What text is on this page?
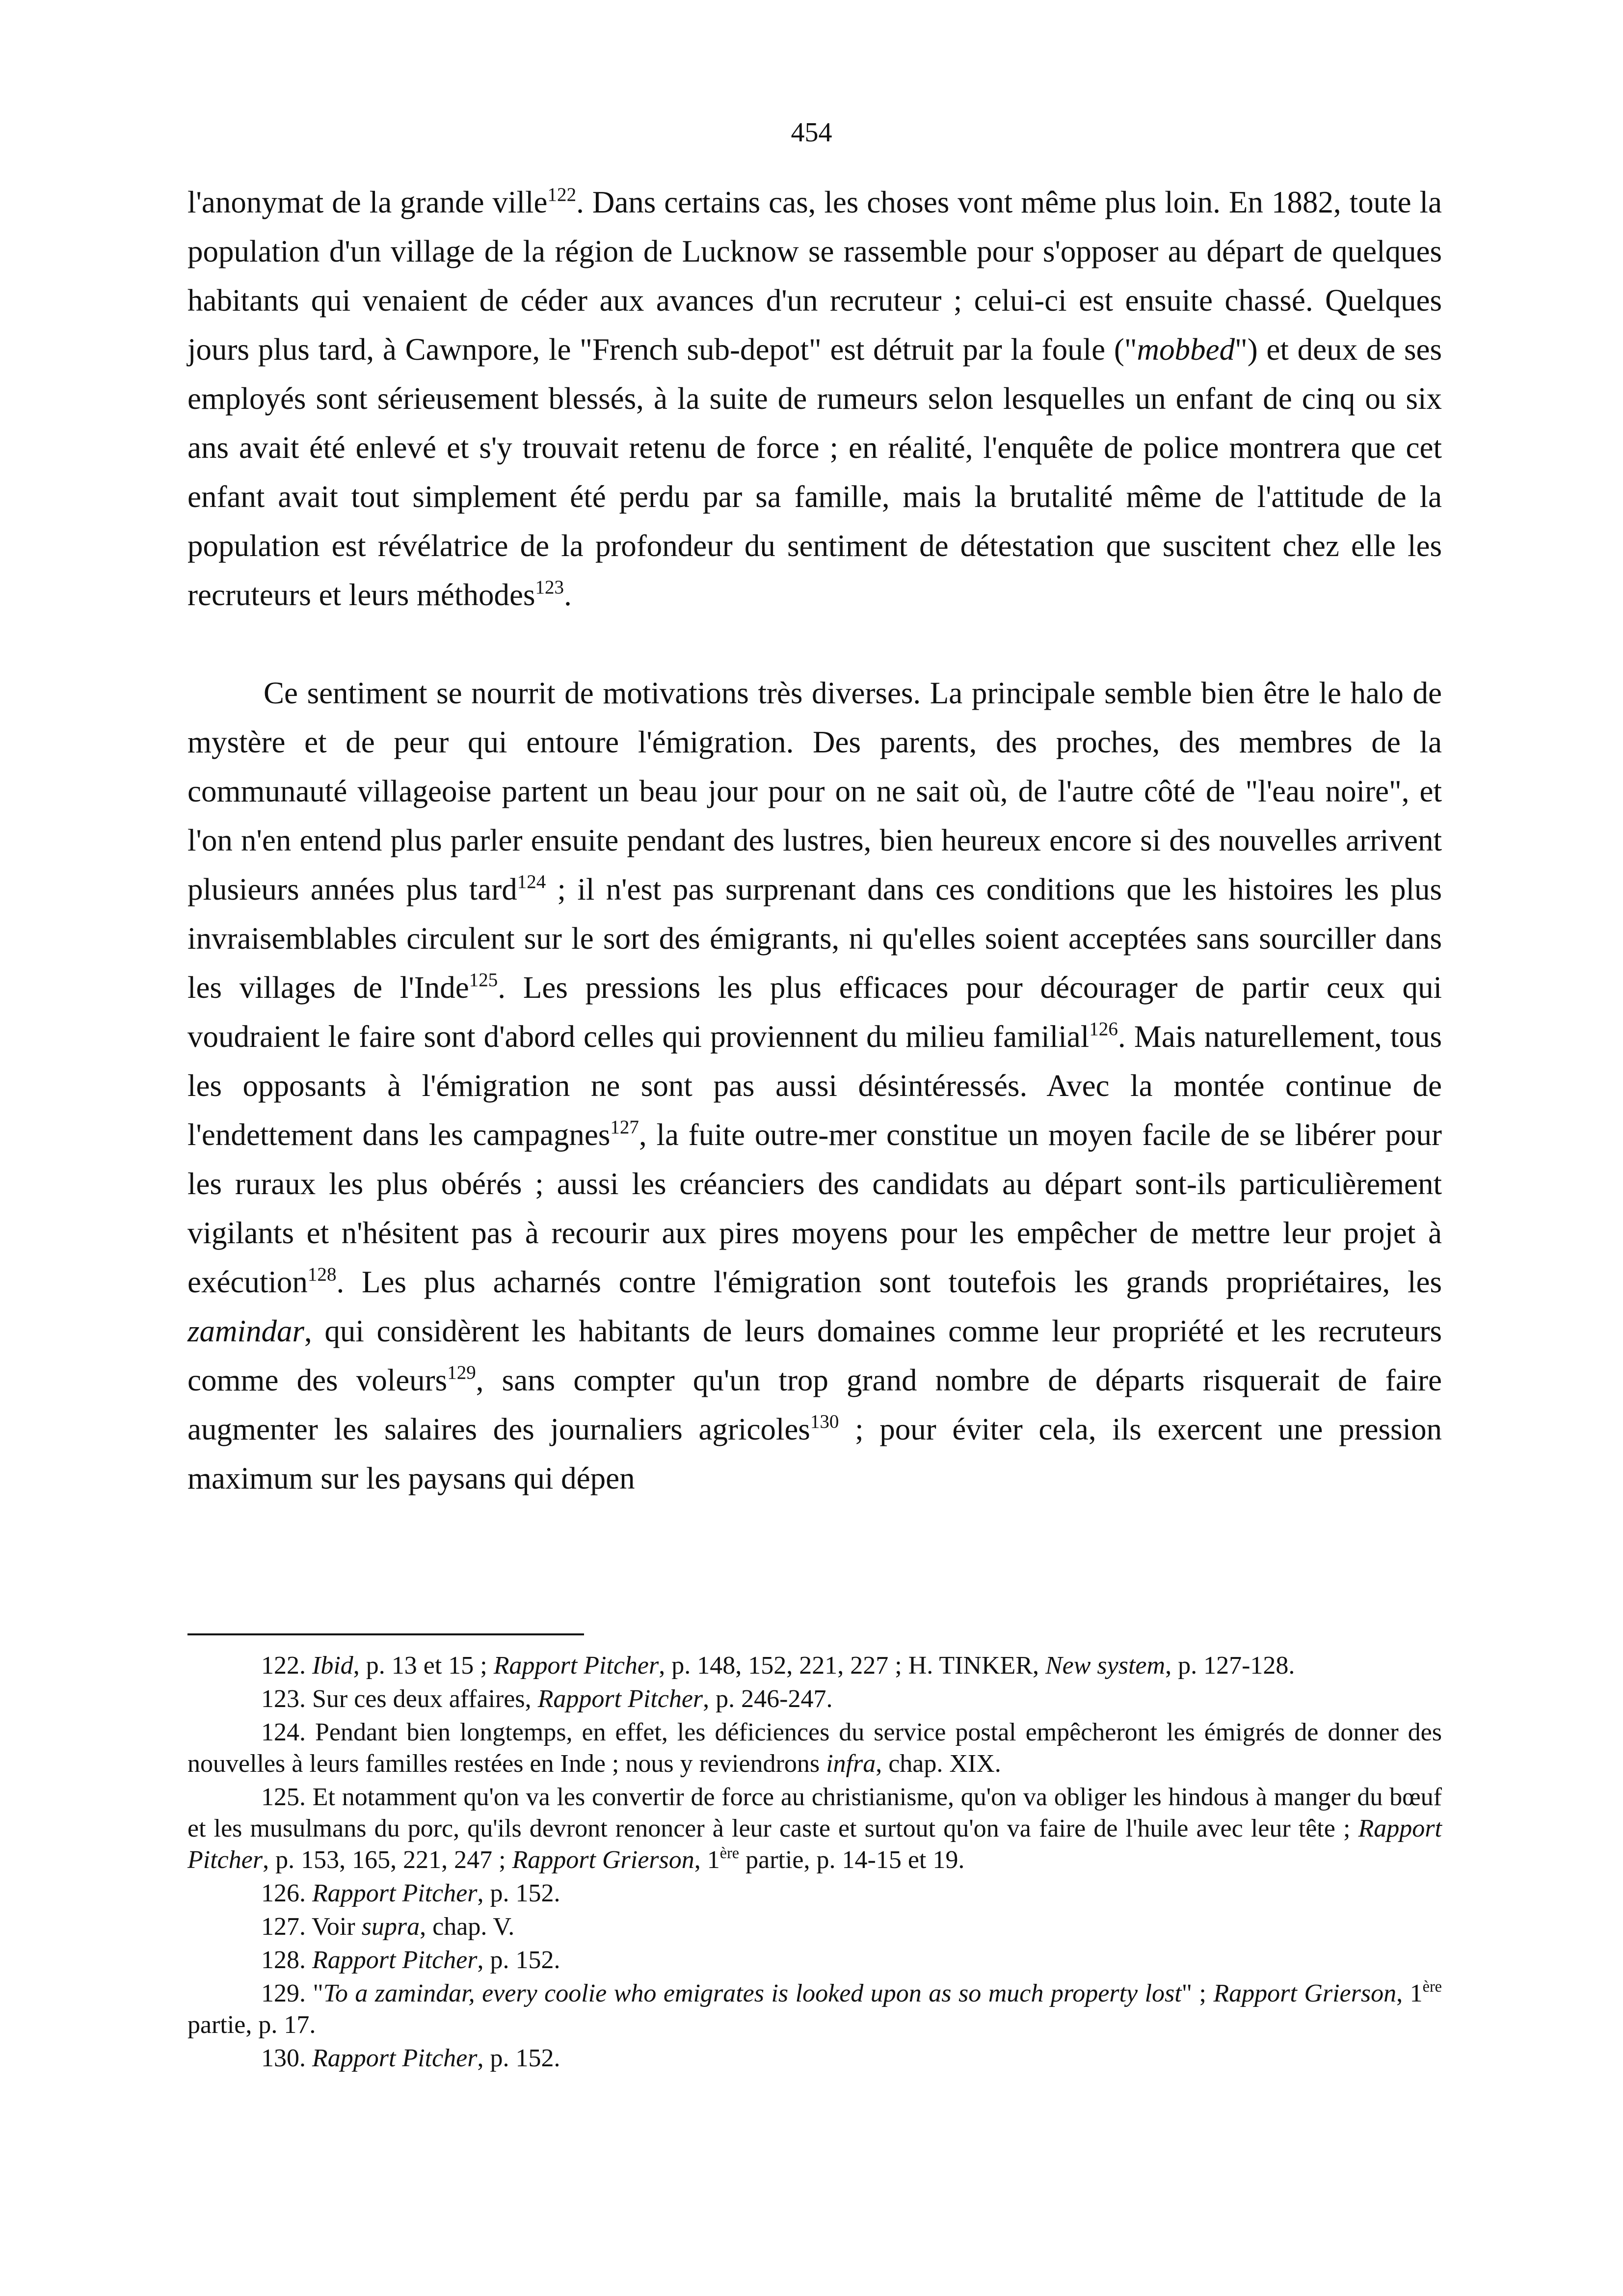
454

l'anonymat de la grande ville$^{122}$. Dans certains cas, les choses vont même plus loin. En 1882, toute la population d'un village de la région de Lucknow se rassemble pour s'opposer au départ de quelques habitants qui venaient de céder aux avances d'un recruteur ; celui-ci est ensuite chassé. Quelques jours plus tard, à Cawnpore, le "French sub-depot" est détruit par la foule ("mobbed") et deux de ses employés sont sérieusement blessés, à la suite de rumeurs selon lesquelles un enfant de cinq ou six ans avait été enlevé et s'y trouvait retenu de force ; en réalité, l'enquête de police montrera que cet enfant avait tout simplement été perdu par sa famille, mais la brutalité même de l'attitude de la population est révélatrice de la profondeur du sentiment de détestation que suscitent chez elle les recruteurs et leurs méthodes$^{123}$.

Ce sentiment se nourrit de motivations très diverses. La principale semble bien être le halo de mystère et de peur qui entoure l'émigration. Des parents, des proches, des membres de la communauté villageoise partent un beau jour pour on ne sait où, de l'autre côté de "l'eau noire", et l'on n'en entend plus parler ensuite pendant des lustres, bien heureux encore si des nouvelles arrivent plusieurs années plus tard$^{124}$ ; il n'est pas surprenant dans ces conditions que les histoires les plus invraisemblables circulent sur le sort des émigrants, ni qu'elles soient acceptées sans sourciller dans les villages de l'Inde$^{125}$. Les pressions les plus efficaces pour décourager de partir ceux qui voudraient le faire sont d'abord celles qui proviennent du milieu familial$^{126}$. Mais naturellement, tous les opposants à l'émigration ne sont pas aussi désintéressés. Avec la montée continue de l'endettement dans les campagnes$^{127}$, la fuite outre-mer constitue un moyen facile de se libérer pour les ruraux les plus obérés ; aussi les créanciers des candidats au départ sont-ils particulièrement vigilants et n'hésitent pas à recourir aux pires moyens pour les empêcher de mettre leur projet à exécution$^{128}$. Les plus acharnés contre l'émigration sont toutefois les grands propriétaires, les zamindar, qui considèrent les habitants de leurs domaines comme leur propriété et les recruteurs comme des voleurs$^{129}$, sans compter qu'un trop grand nombre de départs risquerait de faire augmenter les salaires des journaliers agricoles$^{130}$ ; pour éviter cela, ils exercent une pression maximum sur les paysans qui dépen

122. Ibid, p. 13 et 15 ; Rapport Pitcher, p. 148, 152, 221, 227 ; H. TINKER, New system, p. 127-128.

123. Sur ces deux affaires, Rapport Pitcher, p. 246-247.

124. Pendant bien longtemps, en effet, les déficiences du service postal empêcheront les émigrés de donner des nouvelles à leurs familles restées en Inde ; nous y reviendrons infra, chap. XIX.

125. Et notamment qu'on va les convertir de force au christianisme, qu'on va obliger les hindous à manger du bœuf et les musulmans du porc, qu'ils devront renoncer à leur caste et surtout qu'on va faire de l'huile avec leur tête ; Rapport Pitcher, p. 153, 165, 221, 247 ; Rapport Grierson, 1ère partie, p. 14-15 et 19.

126. Rapport Pitcher, p. 152.

127. Voir supra, chap. V.

128. Rapport Pitcher, p. 152.

129. "To a zamindar, every coolie who emigrates is looked upon as so much property lost" ; Rapport Grierson, 1ère partie, p. 17.

130. Rapport Pitcher, p. 152.
